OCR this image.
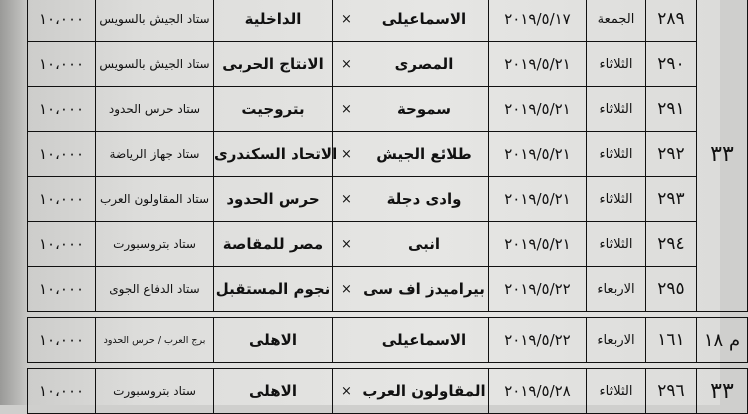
١٠،٠٠٠	ستاد الجيش بالسويس	الداخلية	×	الاسماعيلى	٢٠١٩/٥/١٧	الجمعة	٢٨٩	٣٣
١٠،٠٠٠	ستاد الجيش بالسويس	الانتاج الحربى	×	المصرى	٢٠١٩/٥/٢١	الثلاثاء	٢٩٠	
١٠،٠٠٠	ستاد حرس الحدود	بتروجيت	×	سموحة	٢٠١٩/٥/٢١	الثلاثاء	٢٩١	
١٠،٠٠٠	ستاد جهاز الرياضة	الاتحاد السكندرى	×	طلائع الجيش	٢٠١٩/٥/٢١	الثلاثاء	٢٩٢	
١٠،٠٠٠	ستاد المقاولون العرب	حرس الحدود	×	وادى دجلة	٢٠١٩/٥/٢١	الثلاثاء	٢٩٣	
١٠،٠٠٠	ستاد بتروسبورت	مصر للمقاصة	×	انبى	٢٠١٩/٥/٢١	الثلاثاء	٢٩٤	
١٠،٠٠٠	ستاد الدفاع الجوى	نجوم المستقبل	×	بيراميدز اف سى	٢٠١٩/٥/٢٢	الاربعاء	٢٩٥	

١٠،٠٠٠	برج العرب / حرس الحدود	الاهلى		الاسماعيلى	٢٠١٩/٥/٢٢	الاربعاء	١٦١	م ١٨

١٠،٠٠٠	ستاد بتروسبورت	الاهلى	×	المقاولون العرب	٢٠١٩/٥/٢٨	الثلاثاء	٢٩٦	٣٣
